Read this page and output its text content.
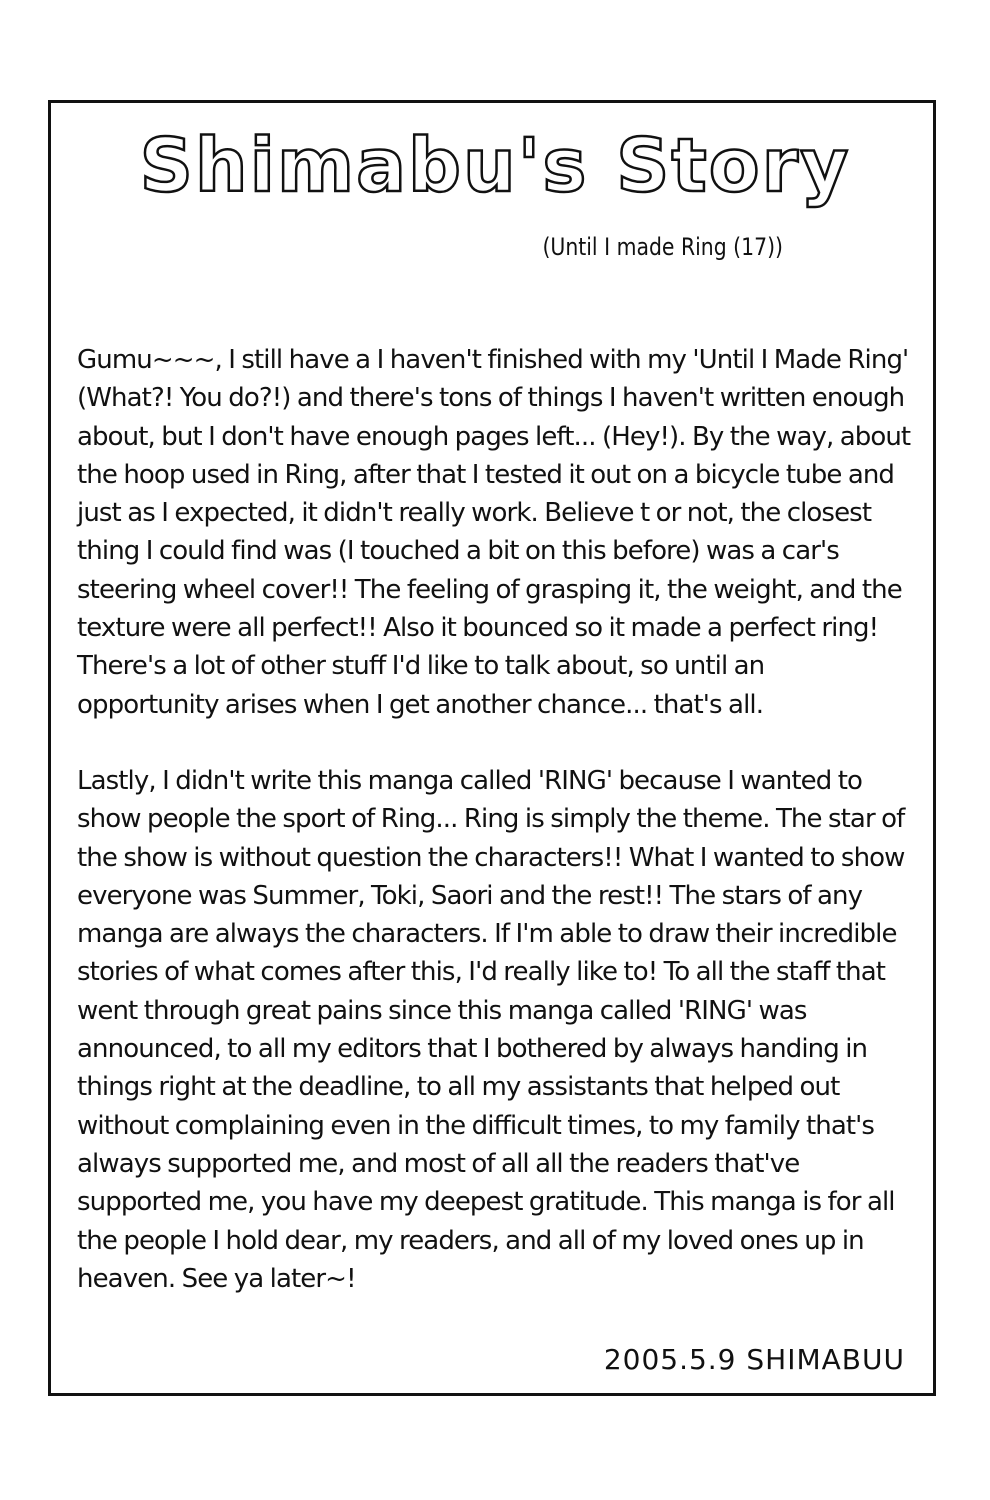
Shimabu's Story
(Until I made Ring (17))

Gumu~~~, I still have a I haven't finished with my 'Until I Made Ring' (What?! You do?!) and there's tons of things I haven't written enough about, but I don't have enough pages left... (Hey!). By the way, about the hoop used in Ring, after that I tested it out on a bicycle tube and just as I expected, it didn't really work. Believe t or not, the closest thing I could find was (I touched a bit on this before) was a car's steering wheel cover!! The feeling of grasping it, the weight, and the texture were all perfect!! Also it bounced so it made a perfect ring! There's a lot of other stuff I'd like to talk about, so until an opportunity arises when I get another chance... that's all.

Lastly, I didn't write this manga called 'RING' because I wanted to show people the sport of Ring... Ring is simply the theme. The star of the show is without question the characters!! What I wanted to show everyone was Summer, Toki, Saori and the rest!! The stars of any manga are always the characters. If I'm able to draw their incredible stories of what comes after this, I'd really like to! To all the staff that went through great pains since this manga called 'RING' was announced, to all my editors that I bothered by always handing in things right at the deadline, to all my assistants that helped out without complaining even in the difficult times, to my family that's always supported me, and most of all all the readers that've supported me, you have my deepest gratitude. This manga is for all the people I hold dear, my readers, and all of my loved ones up in heaven. See ya later~!

2005.5.9 SHIMABUU
